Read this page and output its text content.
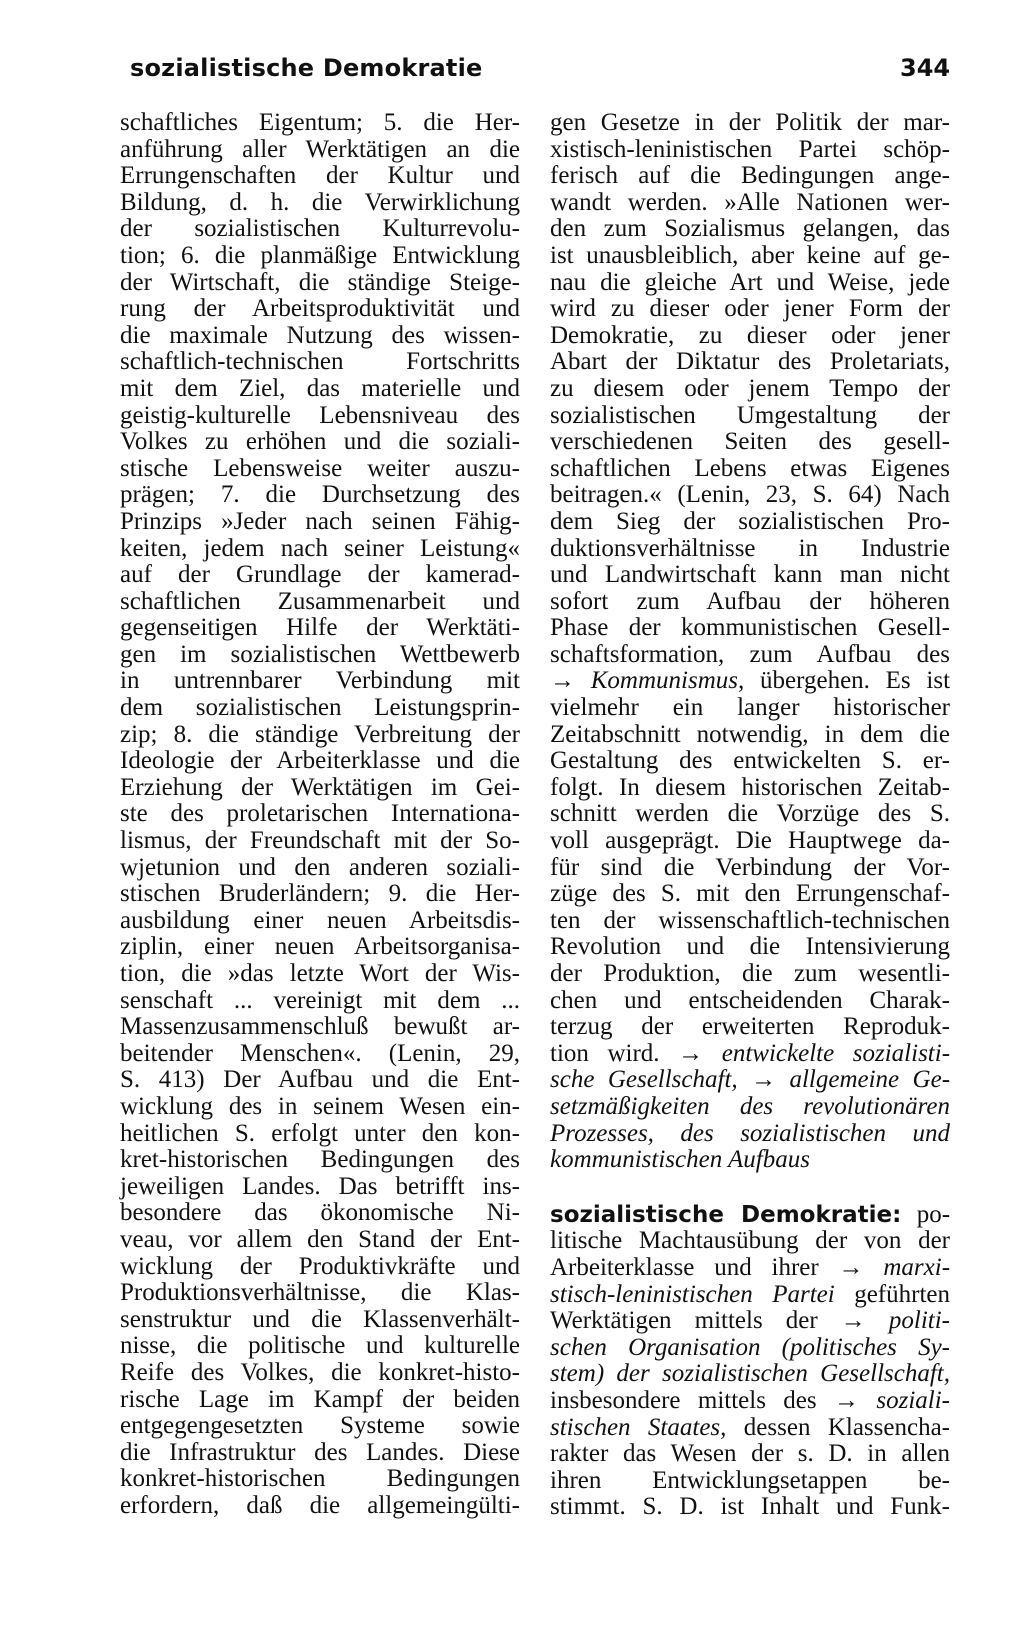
sozialistische Demokratie	344
schaftliches Eigentum; 5. die Her-
anführung aller Werktätigen an die
Errungenschaften der Kultur und
Bildung, d. h. die Verwirklichung
der sozialistischen Kulturrevolu-
tion; 6. die planmäßige Entwicklung
der Wirtschaft, die ständige Steige-
rung der Arbeitsproduktivität und
die maximale Nutzung des wissen-
schaftlich-technischen Fortschritts
mit dem Ziel, das materielle und
geistig-kulturelle Lebensniveau des
Volkes zu erhöhen und die soziali-
stische Lebensweise weiter auszu-
prägen; 7. die Durchsetzung des
Prinzips »Jeder nach seinen Fähig-
keiten, jedem nach seiner Leistung«
auf der Grundlage der kamerad-
schaftlichen Zusammenarbeit und
gegenseitigen Hilfe der Werktäti-
gen im sozialistischen Wettbewerb
in untrennbarer Verbindung mit
dem sozialistischen Leistungsprin-
zip; 8. die ständige Verbreitung der
Ideologie der Arbeiterklasse und die
Erziehung der Werktätigen im Gei-
ste des proletarischen Internationa-
lismus, der Freundschaft mit der So-
wjetunion und den anderen soziali-
stischen Bruderländern; 9. die Her-
ausbildung einer neuen Arbeitsdis-
ziplin, einer neuen Arbeitsorganisa-
tion, die »das letzte Wort der Wis-
senschaft ... vereinigt mit dem ...
Massenzusammenschluß bewußt ar-
beitender Menschen«. (Lenin, 29,
S. 413) Der Aufbau und die Ent-
wicklung des in seinem Wesen ein-
heitlichen S. erfolgt unter den kon-
kret-historischen Bedingungen des
jeweiligen Landes. Das betrifft ins-
besondere das ökonomische Ni-
veau, vor allem den Stand der Ent-
wicklung der Produktivkräfte und
Produktionsverhältnisse, die Klas-
senstruktur und die Klassenverhält-
nisse, die politische und kulturelle
Reife des Volkes, die konkret-histo-
rische Lage im Kampf der beiden
entgegengesetzten Systeme sowie
die Infrastruktur des Landes. Diese
konkret-historischen Bedingungen
erfordern, daß die allgemeingülti-
gen Gesetze in der Politik der mar-
xistisch-leninistischen Partei schöp-
ferisch auf die Bedingungen ange-
wandt werden. »Alle Nationen wer-
den zum Sozialismus gelangen, das
ist unausbleiblich, aber keine auf ge-
nau die gleiche Art und Weise, jede
wird zu dieser oder jener Form der
Demokratie, zu dieser oder jener
Abart der Diktatur des Proletariats,
zu diesem oder jenem Tempo der
sozialistischen Umgestaltung der
verschiedenen Seiten des gesell-
schaftlichen Lebens etwas Eigenes
beitragen.« (Lenin, 23, S. 64) Nach
dem Sieg der sozialistischen Pro-
duktionsverhältnisse in Industrie
und Landwirtschaft kann man nicht
sofort zum Aufbau der höheren
Phase der kommunistischen Gesell-
schaftsformation, zum Aufbau des
→ Kommunismus, übergehen. Es ist
vielmehr ein langer historischer
Zeitabschnitt notwendig, in dem die
Gestaltung des entwickelten S. er-
folgt. In diesem historischen Zeitab-
schnitt werden die Vorzüge des S.
voll ausgeprägt. Die Hauptwege da-
für sind die Verbindung der Vor-
züge des S. mit den Errungenschaf-
ten der wissenschaftlich-technischen
Revolution und die Intensivierung
der Produktion, die zum wesentli-
chen und entscheidenden Charak-
terzug der erweiterten Reproduk-
tion wird. → entwickelte sozialisti-
sche Gesellschaft, → allgemeine Ge-
setzmäßigkeiten des revolutionären
Prozesses, des sozialistischen und
kommunistischen Aufbaus
sozialistische Demokratie: po-
litische Machtausübung der von der
Arbeiterklasse und ihrer → marxi-
stisch-leninistischen Partei geführten
Werktätigen mittels der → politi-
schen Organisation (politisches Sy-
stem) der sozialistischen Gesellschaft,
insbesondere mittels des → soziali-
stischen Staates, dessen Klassencha-
rakter das Wesen der s. D. in allen
ihren Entwicklungsetappen be-
stimmt. S. D. ist Inhalt und Funk-
